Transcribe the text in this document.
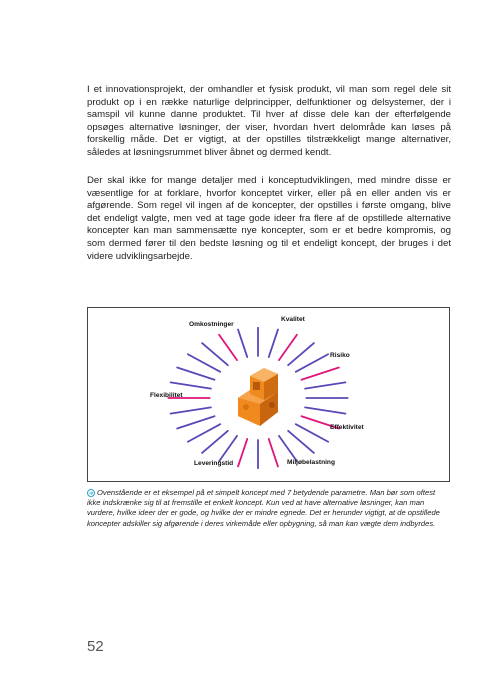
I et innovationsprojekt, der omhandler et fysisk produkt, vil man som regel dele sit produkt op i en række naturlige delprincipper, delfunktioner og delsystemer, der i samspil vil kunne danne produktet. Til hver af disse dele kan der efterfølgende opsøges alternative løsninger, der viser, hvordan hvert delområde kan løses på forskellig måde. Det er vigtigt, at der opstilles tilstrækkeligt mange alternativer, således at løsningsrummet bliver åbnet og dermed kendt.

Der skal ikke for mange detaljer med i konceptudviklingen, med mindre disse er væsentlige for at forklare, hvorfor konceptet virker, eller på en eller anden vis er afgørende. Som regel vil ingen af de koncepter, der opstilles i første omgang, blive det endeligt valgte, men ved at tage gode ideer fra flere af de opstillede alternative koncepter kan man sammensætte nye koncepter, som er et bedre kompromis, og som dermed fører til den bedste løsning og til et endeligt koncept, der bruges i det videre udviklingsarbejde.

Kvalitet
Omkostninger
Risiko
Flexibilitet
Effektivitet
Leveringstid	Miljøbelastning

➔ Ovenstående er et eksempel på et simpelt koncept med 7 betydende parametre. Man bør som oftest ikke indskrænke sig til at fremstille et enkelt koncept. Kun ved at have alternative løsninger, kan man vurdere, hvilke ideer der er gode, og hvilke der er mindre egnede. Det er herunder vigtigt, at de opstillede koncepter adskiller sig afgørende i deres virkemåde eller opbygning, så man kan vægte dem indbyrdes.

52
